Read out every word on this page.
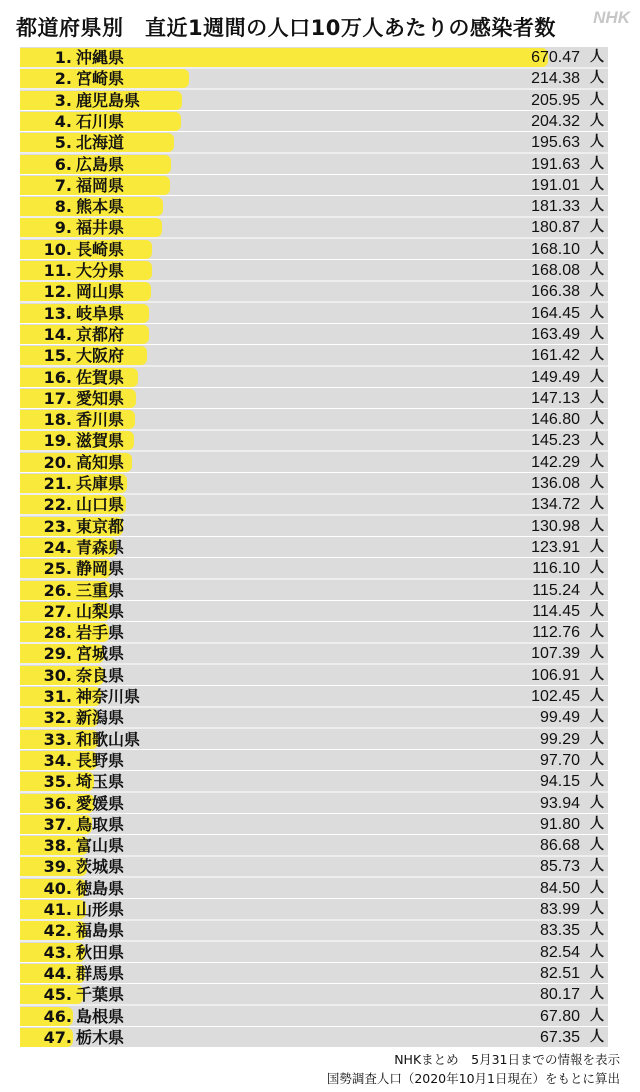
都道府県別　直近1週間の人口10万人あたりの感染者数 NHK
1. 沖縄県	670.47 人
2. 宮崎県	214.38 人
3. 鹿児島県	205.95 人
4. 石川県	204.32 人
5. 北海道	195.63 人
6. 広島県	191.63 人
7. 福岡県	191.01 人
8. 熊本県	181.33 人
9. 福井県	180.87 人
10. 長崎県	168.10 人
11. 大分県	168.08 人
12. 岡山県	166.38 人
13. 岐阜県	164.45 人
14. 京都府	163.49 人
15. 大阪府	161.42 人
16. 佐賀県	149.49 人
17. 愛知県	147.13 人
18. 香川県	146.80 人
19. 滋賀県	145.23 人
20. 高知県	142.29 人
21. 兵庫県	136.08 人
22. 山口県	134.72 人
23. 東京都	130.98 人
24. 青森県	123.91 人
25. 静岡県	116.10 人
26. 三重県	115.24 人
27. 山梨県	114.45 人
28. 岩手県	112.76 人
29. 宮城県	107.39 人
30. 奈良県	106.91 人
31. 神奈川県	102.45 人
32. 新潟県	99.49 人
33. 和歌山県	99.29 人
34. 長野県	97.70 人
35. 埼玉県	94.15 人
36. 愛媛県	93.94 人
37. 鳥取県	91.80 人
38. 富山県	86.68 人
39. 茨城県	85.73 人
40. 徳島県	84.50 人
41. 山形県	83.99 人
42. 福島県	83.35 人
43. 秋田県	82.54 人
44. 群馬県	82.51 人
45. 千葉県	80.17 人
46. 島根県	67.80 人
47. 栃木県	67.35 人
NHKまとめ　5月31日までの情報を表示
国勢調査人口（2020年10月1日現在）をもとに算出
